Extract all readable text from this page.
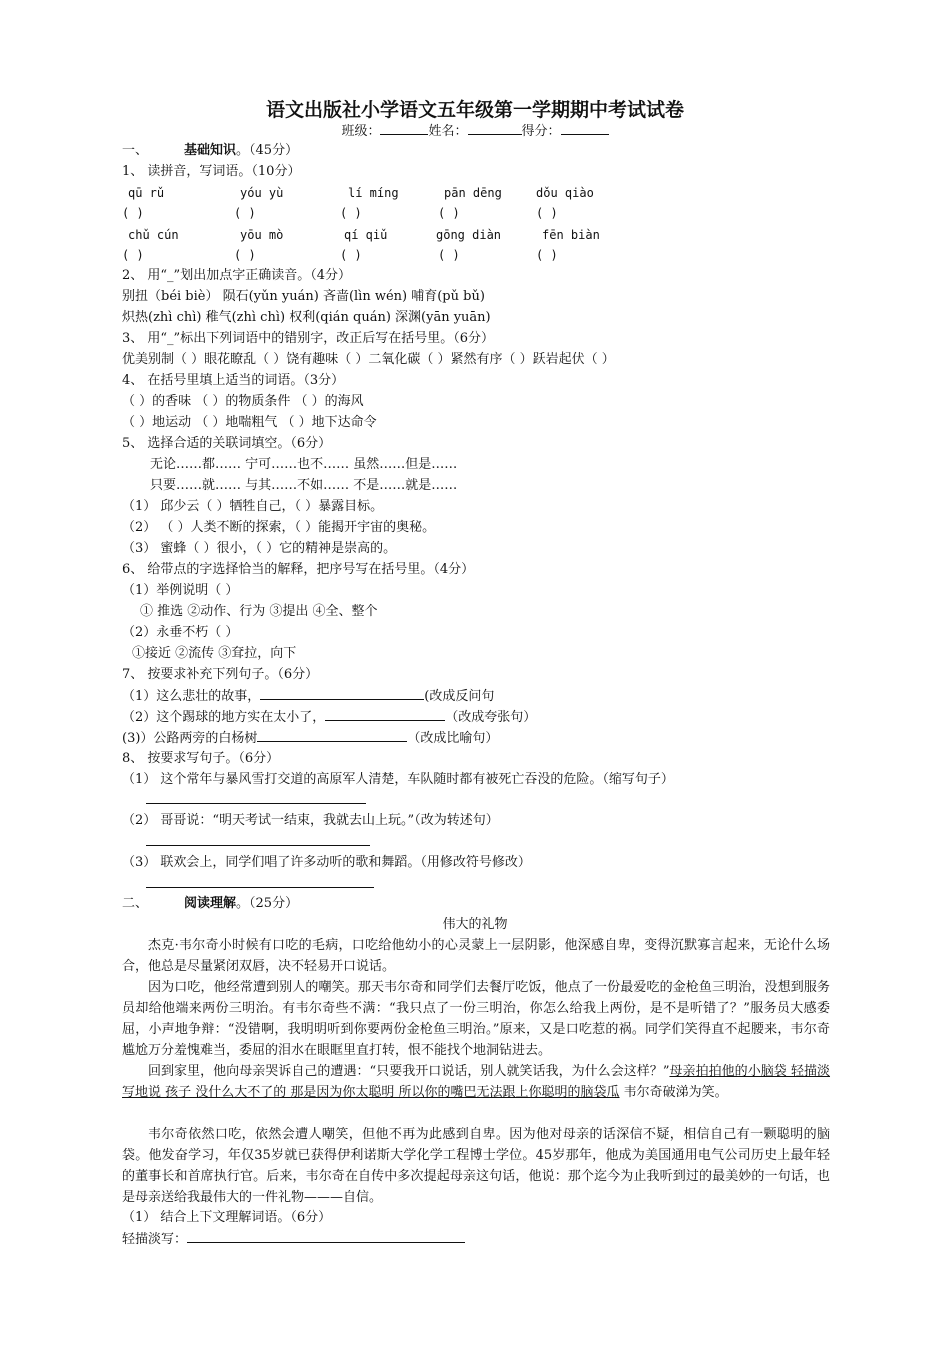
语文出版社小学语文五年级第一学期期中考试试卷
班级：	姓名：	得分：
一、	基础知识。（45分）
1、 读拼音，写词语。（10分）
qū rǔ	yóu yù	lí míng	pān dēng	dǒu qiào
( )	( )	( )	( )	( )
chǔ cún	yōu mò	qí qiǔ	gōng diàn	fēn biàn
( )	( )	( )	( )	( )
2、 用“_”划出加点字正确读音。（4分）
别扭（béi biè） 陨石(yǔn yuán) 吝啬(lìn wén) 哺育(pǔ bǔ)
炽热(zhì chì) 稚气(zhì chì) 权利(qián quán) 深渊(yān yuān)
3、 用“_”标出下列词语中的错别字，改正后写在括号里。（6分）
优美别制（ ）眼花瞭乱（ ）饶有趣味（ ）二氧化碳（ ）紧然有序（ ）跃岩起伏（ ）
4、 在括号里填上适当的词语。（3分）
（ ）的香味 （ ）的物质条件 （ ）的海风
（ ）地运动 （ ）地喘粗气 （ ）地下达命令
5、 选择合适的关联词填空。（6分）
无论……都…… 宁可……也不…… 虽然……但是……
只要……就…… 与其……不如…… 不是……就是……
（1） 邱少云（ ）牺牲自己，（ ）暴露目标。
（2） （ ）人类不断的探索，（ ）能揭开宇宙的奥秘。
（3） 蜜蜂（ ）很小，（ ）它的精神是崇高的。
6、 给带点的字选择恰当的解释，把序号写在括号里。（4分）
（1）举例说明（ ）
① 推选 ②动作、行为 ③提出 ④全、整个
（2）永垂不朽（ ）
①接近 ②流传 ③耷拉，向下
7、 按要求补充下列句子。（6分）
（1）这么悲壮的故事，	(改成反问句
（2）这个踢球的地方实在太小了，	（改成夸张句）
(3)）公路两旁的白杨树	（改成比喻句）
8、 按要求写句子。（6分）
（1） 这个常年与暴风雪打交道的高原军人清楚，车队随时都有被死亡吞没的危险。（缩写句子）
（2） 哥哥说：“明天考试一结束，我就去山上玩。”（改为转述句）
（3） 联欢会上，同学们唱了许多动听的歌和舞蹈。（用修改符号修改）
二、	阅读理解。（25分）
伟大的礼物
杰克·韦尔奇小时候有口吃的毛病，口吃给他幼小的心灵蒙上一层阴影，他深感自卑，变得沉默寡言起来，无论什么场合，他总是尽量紧闭双唇，决不轻易开口说话。
因为口吃，他经常遭到别人的嘲笑。那天韦尔奇和同学们去餐厅吃饭，他点了一份最爱吃的金枪鱼三明治，没想到服务员却给他端来两份三明治。有韦尔奇些不满：“我只点了一份三明治，你怎么给我上两份，是不是听错了？”服务员大感委屈，小声地争辩：“没错啊，我明明听到你要两份金枪鱼三明治。”原来，又是口吃惹的祸。同学们笑得直不起腰来，韦尔奇尴尬万分羞愧难当，委屈的泪水在眼眶里直打转，恨不能找个地洞钻进去。
回到家里，他向母亲哭诉自己的遭遇：“只要我开口说话，别人就笑话我，为什么会这样？”母亲拍拍他的小脑袋 轻描淡写地说 孩子 没什么大不了的 那是因为你太聪明 所以你的嘴巴无法跟上你聪明的脑袋瓜 韦尔奇破涕为笑。
韦尔奇依然口吃，依然会遭人嘲笑，但他不再为此感到自卑。因为他对母亲的话深信不疑，相信自己有一颗聪明的脑袋。他发奋学习，年仅35岁就已获得伊利诺斯大学化学工程博士学位。45岁那年，他成为美国通用电气公司历史上最年轻的董事长和首席执行官。后来，韦尔奇在自传中多次提起母亲这句话，他说：那个迄今为止我听到过的最美妙的一句话，也是母亲送给我最伟大的一件礼物———自信。
（1） 结合上下文理解词语。（6分）
轻描淡写：
